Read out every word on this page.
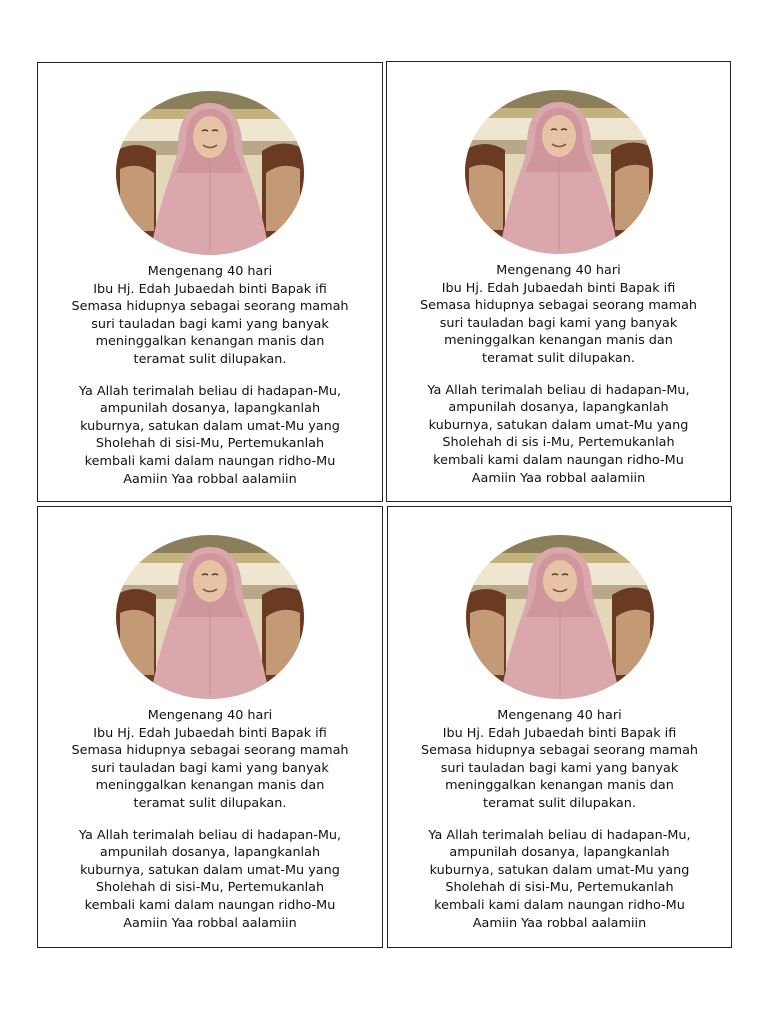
Mengenang 40 hari
Ibu Hj. Edah Jubaedah binti Bapak ifi
Semasa hidupnya sebagai seorang mamah
suri tauladan bagi kami yang banyak
meninggalkan kenangan manis dan
teramat sulit dilupakan.
Ya Allah terimalah beliau di hadapan-Mu,
ampunilah dosanya, lapangkanlah
kuburnya, satukan dalam umat-Mu yang
Sholehah di sisi-Mu, Pertemukanlah
kembali kami dalam naungan ridho-Mu
Aamiin Yaa robbal aalamiin
Mengenang 40 hari
Ibu Hj. Edah Jubaedah binti Bapak ifi
Semasa hidupnya sebagai seorang mamah
suri tauladan bagi kami yang banyak
meninggalkan kenangan manis dan
teramat sulit dilupakan.
Ya Allah terimalah beliau di hadapan-Mu,
ampunilah dosanya, lapangkanlah
kuburnya, satukan dalam umat-Mu yang
Sholehah di sis i-Mu, Pertemukanlah
kembali kami dalam naungan ridho-Mu
Aamiin Yaa robbal aalamiin
Mengenang 40 hari
Ibu Hj. Edah Jubaedah binti Bapak ifi
Semasa hidupnya sebagai seorang mamah
suri tauladan bagi kami yang banyak
meninggalkan kenangan manis dan
teramat sulit dilupakan.
Ya Allah terimalah beliau di hadapan-Mu,
ampunilah dosanya, lapangkanlah
kuburnya, satukan dalam umat-Mu yang
Sholehah di sisi-Mu, Pertemukanlah
kembali kami dalam naungan ridho-Mu
Aamiin Yaa robbal aalamiin
Mengenang 40 hari
Ibu Hj. Edah Jubaedah binti Bapak ifi
Semasa hidupnya sebagai seorang mamah
suri tauladan bagi kami yang banyak
meninggalkan kenangan manis dan
teramat sulit dilupakan.
Ya Allah terimalah beliau di hadapan-Mu,
ampunilah dosanya, lapangkanlah
kuburnya, satukan dalam umat-Mu yang
Sholehah di sisi-Mu, Pertemukanlah
kembali kami dalam naungan ridho-Mu
Aamiin Yaa robbal aalamiin
